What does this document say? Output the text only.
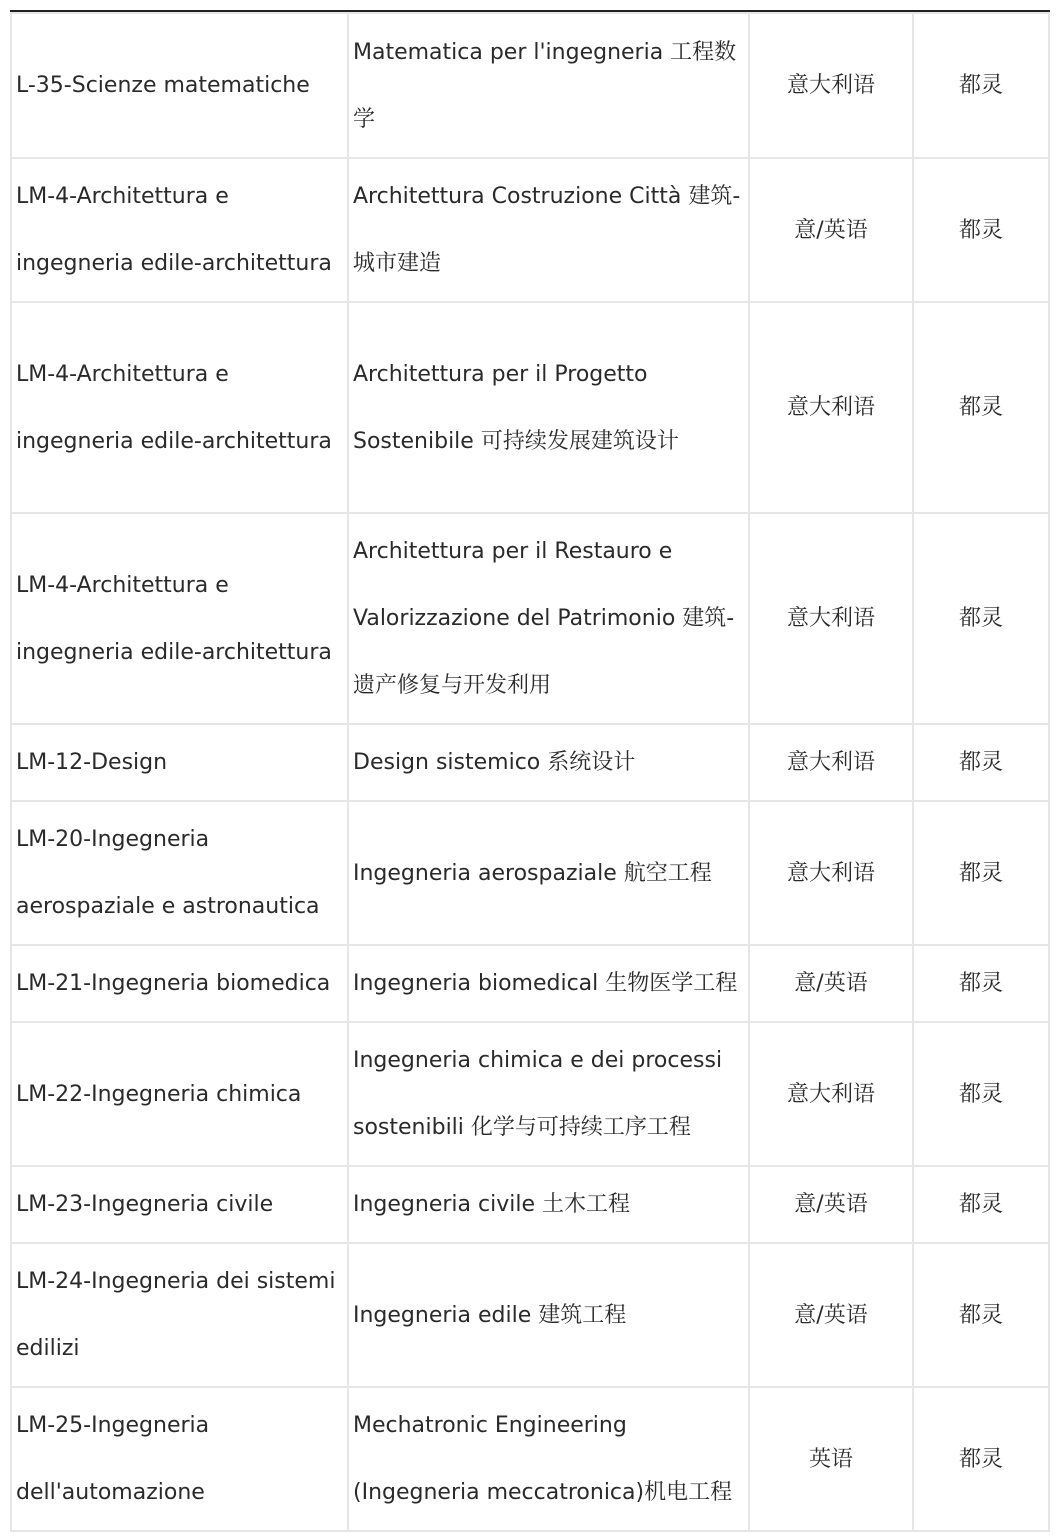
L-35-Scienze matematiche	Matematica per l'ingegneria 工程数学	意大利语	都灵
LM-4-Architettura e ingegneria edile-architettura	Architettura Costruzione Città 建筑-城市建造	意/英语	都灵
LM-4-Architettura e ingegneria edile-architettura	Architettura per il Progetto Sostenibile 可持续发展建筑设计	意大利语	都灵
LM-4-Architettura e ingegneria edile-architettura	Architettura per il Restauro e Valorizzazione del Patrimonio 建筑-遗产修复与开发利用	意大利语	都灵
LM-12-Design	Design sistemico 系统设计	意大利语	都灵
LM-20-Ingegneria aerospaziale e astronautica	Ingegneria aerospaziale 航空工程	意大利语	都灵
LM-21-Ingegneria biomedica	Ingegneria biomedical 生物医学工程	意/英语	都灵
LM-22-Ingegneria chimica	Ingegneria chimica e dei processi sostenibili 化学与可持续工序工程	意大利语	都灵
LM-23-Ingegneria civile	Ingegneria civile 土木工程	意/英语	都灵
LM-24-Ingegneria dei sistemi edilizi	Ingegneria edile 建筑工程	意/英语	都灵
LM-25-Ingegneria dell'automazione	Mechatronic Engineering (Ingegneria meccatronica)机电工程	英语	都灵
